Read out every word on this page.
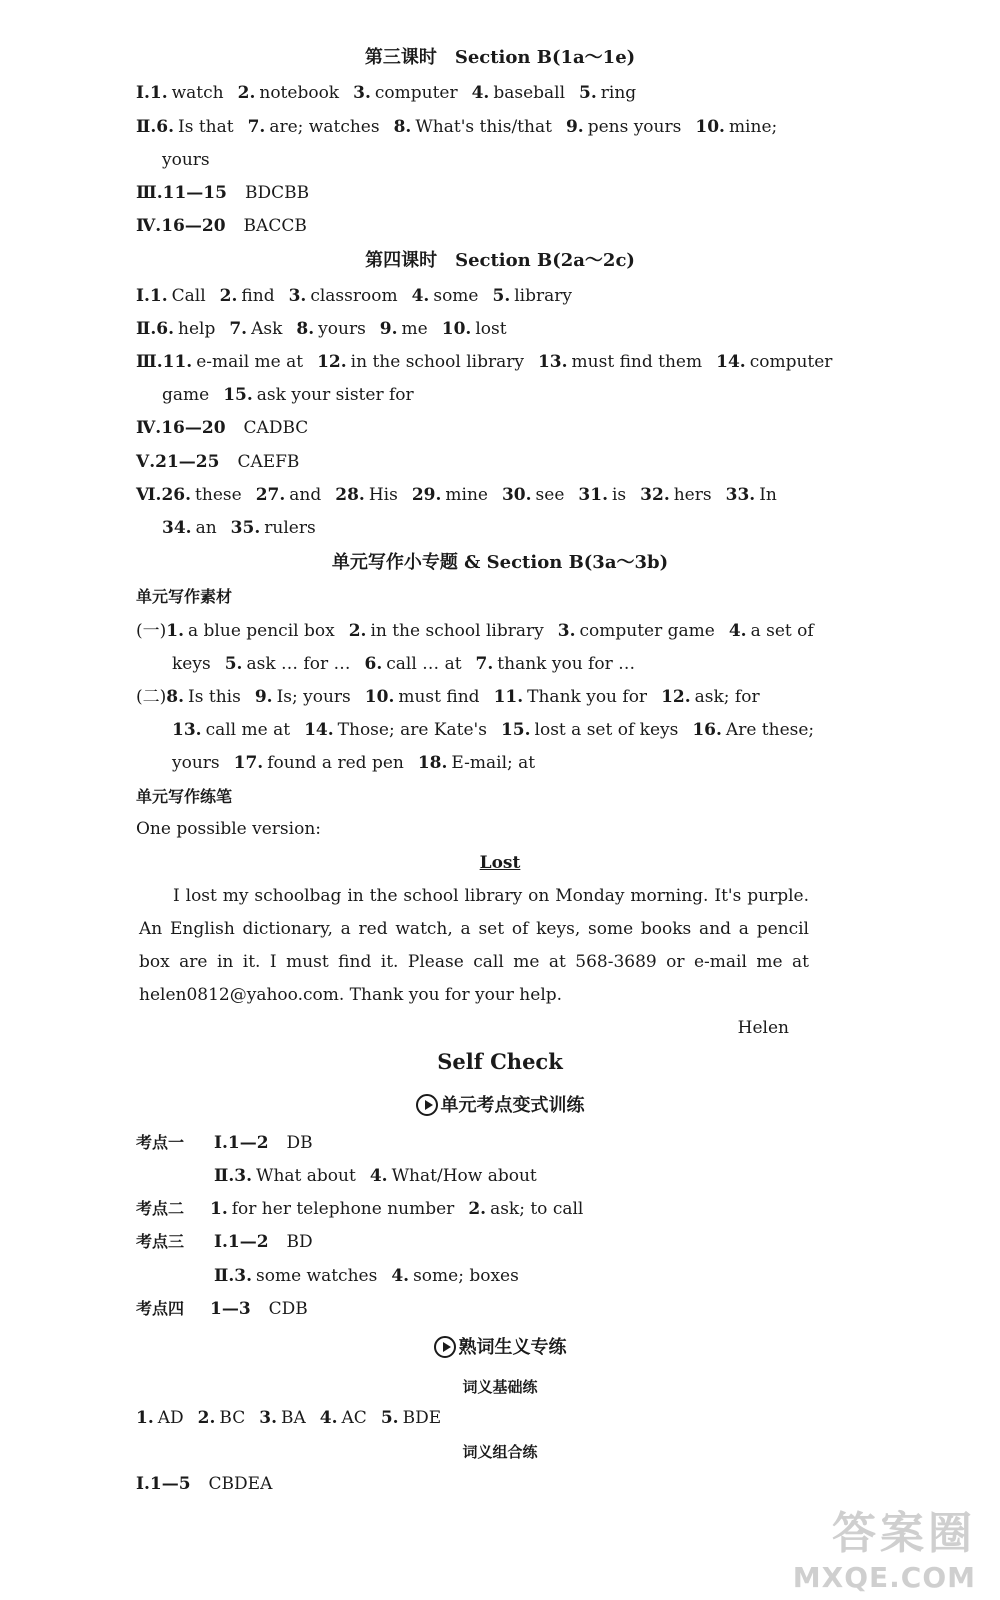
第三课时　Section B(1a～1e)
Ⅰ.1. watch 2. notebook 3. computer 4. baseball 5. ring
Ⅱ.6. Is that 7. are; watches 8. What's this/that 9. pens yours 10. mine;
yours
Ⅲ.11—15 BDCBB
Ⅳ.16—20 BACCB
第四课时　Section B(2a～2c)
Ⅰ.1. Call 2. find 3. classroom 4. some 5. library
Ⅱ.6. help 7. Ask 8. yours 9. me 10. lost
Ⅲ.11. e-mail me at 12. in the school library 13. must find them 14. computer
game 15. ask your sister for
Ⅳ.16—20 CADBC
Ⅴ.21—25 CAEFB
Ⅵ.26. these 27. and 28. His 29. mine 30. see 31. is 32. hers 33. In
34. an 35. rulers
单元写作小专题 & Section B(3a～3b)
单元写作素材
(一)1. a blue pencil box 2. in the school library 3. computer game 4. a set of
keys 5. ask … for … 6. call … at 7. thank you for …
(二)8. Is this 9. Is; yours 10. must find 11. Thank you for 12. ask; for
13. call me at 14. Those; are Kate's 15. lost a set of keys 16. Are these;
yours 17. found a red pen 18. E-mail; at
单元写作练笔
One possible version:
Lost
I lost my schoolbag in the school library on Monday morning. It's purple. An English dictionary, a red watch, a set of keys, some books and a pencil box are in it. I must find it. Please call me at 568-3689 or e-mail me at helen0812@yahoo.com. Thank you for your help.
Helen
Self Check
单元考点变式训练
考点一 Ⅰ.1—2 DB
Ⅱ.3. What about 4. What/How about
考点二 1. for her telephone number 2. ask; to call
考点三 Ⅰ.1—2 BD
Ⅱ.3. some watches 4. some; boxes
考点四 1—3 CDB
熟词生义专练
词义基础练
1. AD 2. BC 3. BA 4. AC 5. BDE
词义组合练
Ⅰ.1—5 CBDEA
答案圈
MXQE.COM
